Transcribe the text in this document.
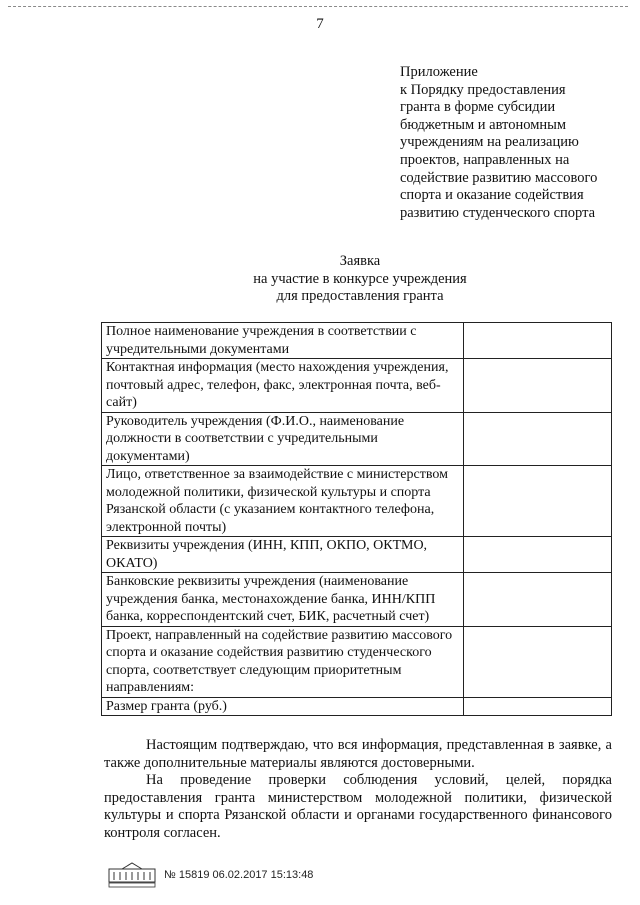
7
Приложение
к Порядку предоставления
гранта в форме субсидии
бюджетным и автономным
учреждениям на реализацию
проектов, направленных на
содействие развитию массового
спорта и оказание содействия
развитию студенческого спорта
Заявка
на участие в конкурсе учреждения
для предоставления гранта
Полное наименование учреждения в соответствии с учредительными документами	
Контактная информация (место нахождения учреждения, почтовый адрес, телефон, факс, электронная почта, веб-сайт)	
Руководитель учреждения (Ф.И.О., наименование должности в соответствии с учредительными документами)	
Лицо, ответственное за взаимодействие с министерством молодежной политики, физической культуры и спорта Рязанской области (с указанием контактного телефона, электронной почты)	
Реквизиты учреждения (ИНН, КПП, ОКПО, ОКТМО, ОКАТО)	
Банковские реквизиты учреждения (наименование учреждения банка, местонахождение банка, ИНН/КПП банка, корреспондентский счет, БИК, расчетный счет)	
Проект, направленный на содействие развитию массового спорта и оказание содействия развитию студенческого спорта, соответствует следующим приоритетным направлениям:	
Размер гранта (руб.)	

Настоящим подтверждаю, что вся информация, представленная в заявке, а также дополнительные материалы являются достоверными.

На проведение проверки соблюдения условий, целей, порядка предоставления гранта министерством молодежной политики, физической культуры и спорта Рязанской области и органами государственного финансового контроля согласен.

№ 15819 06.02.2017 15:13:48
